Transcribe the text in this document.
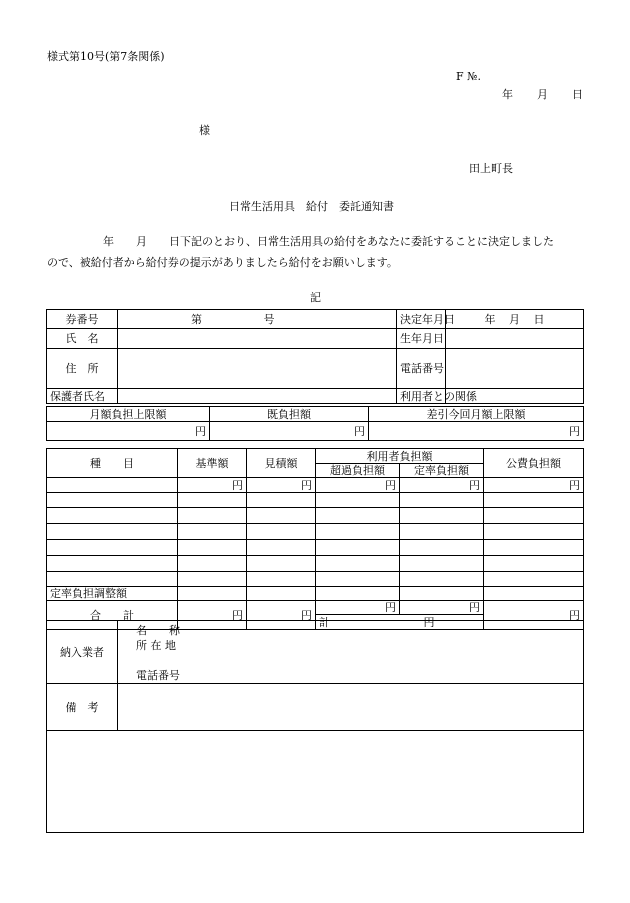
様式第10号(第7条関係)
F №.
年 月 日
様
田上町長
日常生活用具　給付　委託通知書
年　　月　　日下記のとおり、日常生活用具の給付をあなたに委託することに決定しました
ので、被給付者から給付券の提示がありましたら給付をお願いします。
記
券番号	第 号	決定年月日	年 月 日
氏　名		生年月日	
住　所		電話番号	
保護者氏名		利用者との関係	
月額負担上限額	既負担額	差引今回月額上限額
円	円	円
種　　目	基準額	見積額	利用者負担額		公費負担額
			超過負担額	定率負担額	
	円	円	円	円	円

定率負担調整額					
合　　計	円	円	円	円	円
			計 円		
納入業者	名　　称
所 在 地
電話番号

備　考	
